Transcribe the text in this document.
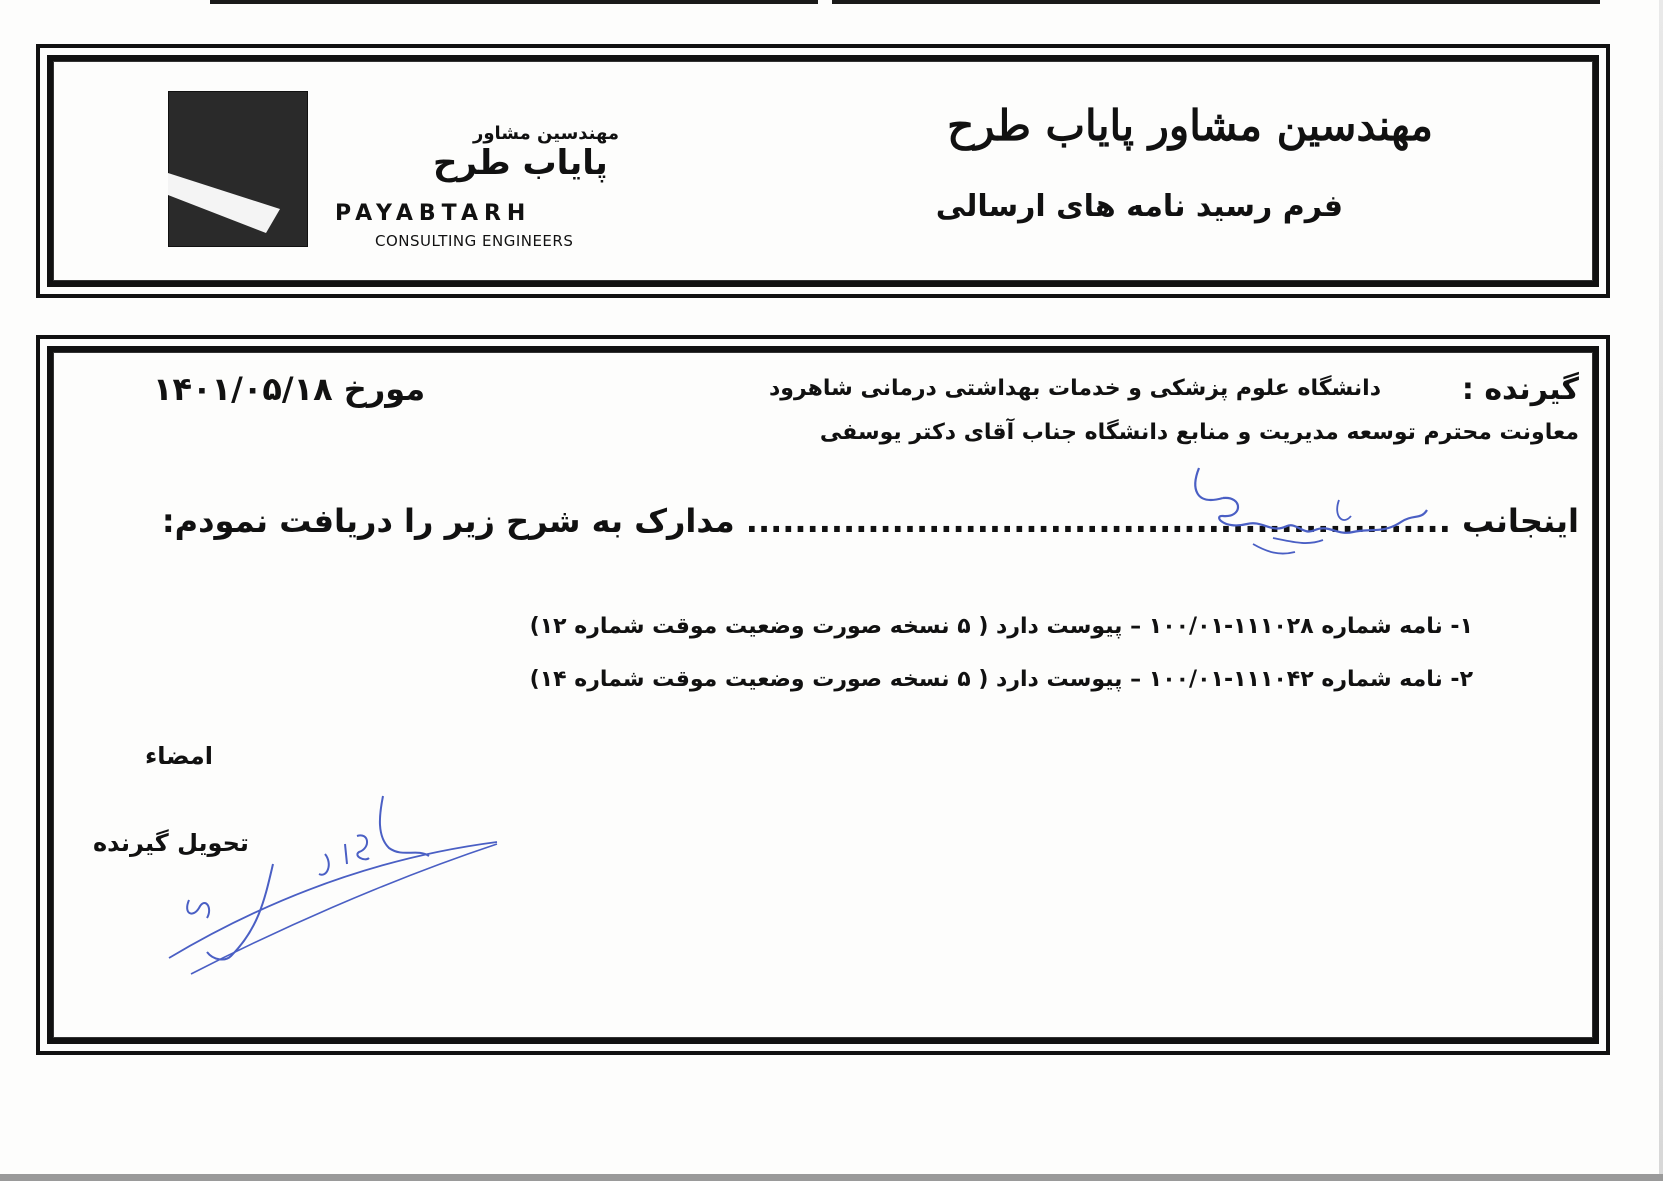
مهندسین مشاور پایاب طرح
فرم رسید نامه های ارسالی
مهندسین مشاور
پایاب طرح
PAYABTARH
CONSULTING ENGINEERS
گیرنده :
دانشگاه علوم پزشکی و خدمات بهداشتی درمانی شاهرود
معاونت محترم توسعه مدیریت و منابع دانشگاه جناب آقای دکتر یوسفی
مورخ ۱۴۰۱/۰۵/۱۸
اینجانب .......................................................... مدارک به شرح زیر را دریافت نمودم:
۱- نامه شماره ۱۱۱۰۲۸-۱۰۰/۰۱ – پیوست دارد ( ۵ نسخه صورت وضعیت موقت شماره ۱۲)
۲- نامه شماره ۱۱۱۰۴۲-۱۰۰/۰۱ – پیوست دارد ( ۵ نسخه صورت وضعیت موقت شماره ۱۴)
امضاء
تحویل گیرنده
